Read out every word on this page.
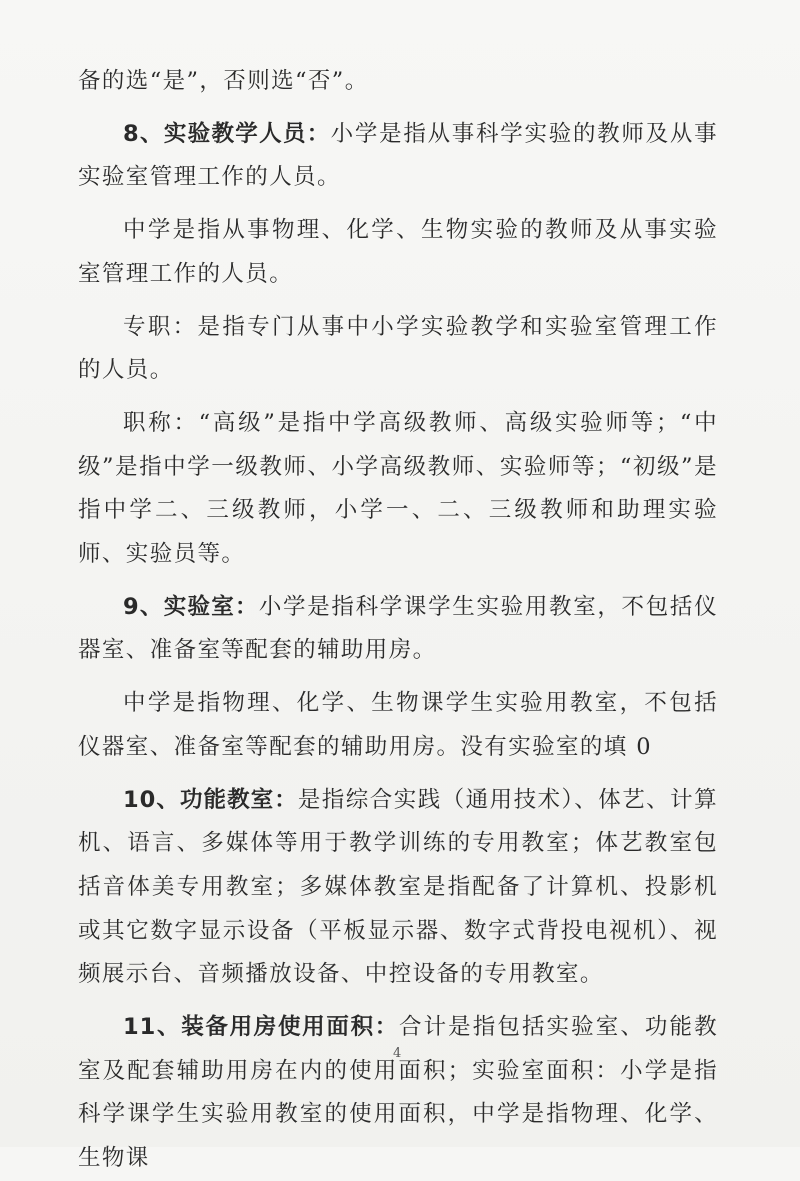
备的选“是”，否则选“否”。

8、实验教学人员：小学是指从事科学实验的教师及从事实验室管理工作的人员。

中学是指从事物理、化学、生物实验的教师及从事实验室管理工作的人员。

专职：是指专门从事中小学实验教学和实验室管理工作的人员。

职称：“高级”是指中学高级教师、高级实验师等；“中级”是指中学一级教师、小学高级教师、实验师等；“初级”是指中学二、三级教师，小学一、二、三级教师和助理实验师、实验员等。

9、实验室：小学是指科学课学生实验用教室，不包括仪器室、准备室等配套的辅助用房。

中学是指物理、化学、生物课学生实验用教室，不包括仪器室、准备室等配套的辅助用房。没有实验室的填 0

10、功能教室：是指综合实践（通用技术）、体艺、计算机、语言、多媒体等用于教学训练的专用教室；体艺教室包括音体美专用教室；多媒体教室是指配备了计算机、投影机或其它数字显示设备（平板显示器、数字式背投电视机）、视频展示台、音频播放设备、中控设备的专用教室。

11、装备用房使用面积：合计是指包括实验室、功能教室及配套辅助用房在内的使用面积；实验室面积：小学是指科学课学生实验用教室的使用面积，中学是指物理、化学、生物课

4
